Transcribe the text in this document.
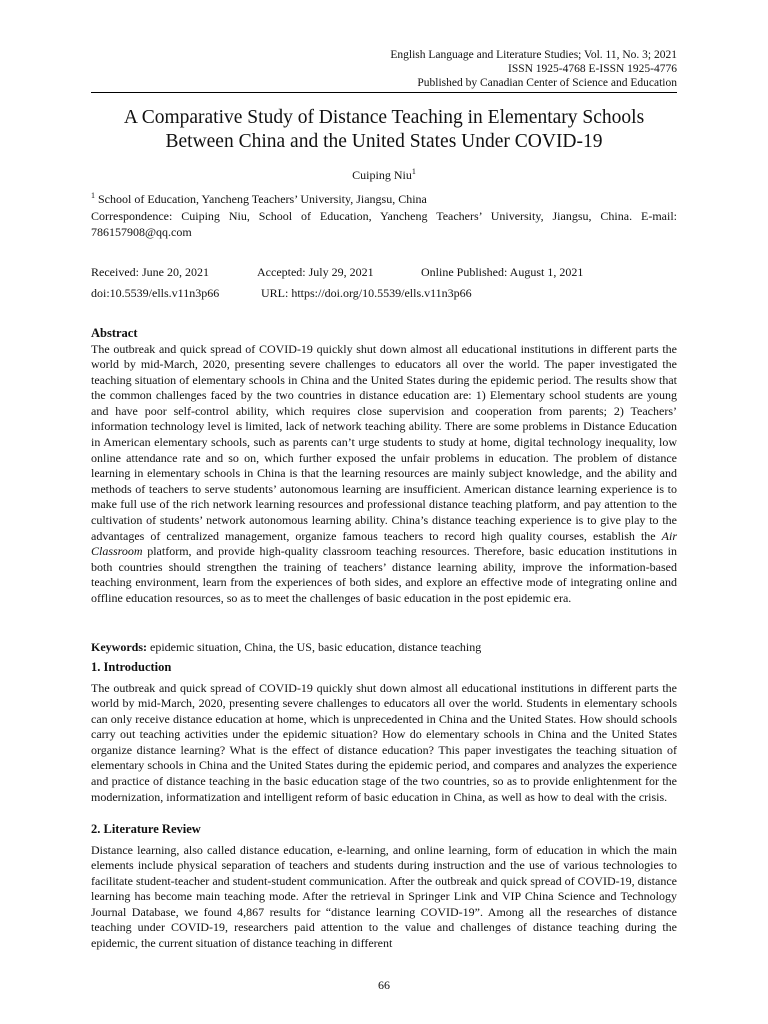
English Language and Literature Studies; Vol. 11, No. 3; 2021
ISSN 1925-4768 E-ISSN 1925-4776
Published by Canadian Center of Science and Education
A Comparative Study of Distance Teaching in Elementary Schools
Between China and the United States Under COVID-19
Cuiping Niu$^1$
$^1$ School of Education, Yancheng Teachers’ University, Jiangsu, China
Correspondence: Cuiping Niu, School of Education, Yancheng Teachers’ University, Jiangsu, China. E-mail: 786157908@qq.com
Received: June 20, 2021	Accepted: July 29, 2021	Online Published: August 1, 2021
doi:10.5539/ells.v11n3p66	URL: https://doi.org/10.5539/ells.v11n3p66
Abstract
The outbreak and quick spread of COVID-19 quickly shut down almost all educational institutions in different parts the world by mid-March, 2020, presenting severe challenges to educators all over the world. The paper investigated the teaching situation of elementary schools in China and the United States during the epidemic period. The results show that the common challenges faced by the two countries in distance education are: 1) Elementary school students are young and have poor self-control ability, which requires close supervision and cooperation from parents; 2) Teachers’ information technology level is limited, lack of network teaching ability. There are some problems in Distance Education in American elementary schools, such as parents can’t urge students to study at home, digital technology inequality, low online attendance rate and so on, which further exposed the unfair problems in education. The problem of distance learning in elementary schools in China is that the learning resources are mainly subject knowledge, and the ability and methods of teachers to serve students’ autonomous learning are insufficient. American distance learning experience is to make full use of the rich network learning resources and professional distance teaching platform, and pay attention to the cultivation of students’ network autonomous learning ability. China’s distance teaching experience is to give play to the advantages of centralized management, organize famous teachers to record high quality courses, establish the Air Classroom platform, and provide high-quality classroom teaching resources. Therefore, basic education institutions in both countries should strengthen the training of teachers’ distance learning ability, improve the information-based teaching environment, learn from the experiences of both sides, and explore an effective mode of integrating online and offline education resources, so as to meet the challenges of basic education in the post epidemic era.
Keywords: epidemic situation, China, the US, basic education, distance teaching
1. Introduction
The outbreak and quick spread of COVID-19 quickly shut down almost all educational institutions in different parts the world by mid-March, 2020, presenting severe challenges to educators all over the world. Students in elementary schools can only receive distance education at home, which is unprecedented in China and the United States. How should schools carry out teaching activities under the epidemic situation? How do elementary schools in China and the United States organize distance learning? What is the effect of distance education? This paper investigates the teaching situation of elementary schools in China and the United States during the epidemic period, and compares and analyzes the experience and practice of distance teaching in the basic education stage of the two countries, so as to provide enlightenment for the modernization, informatization and intelligent reform of basic education in China, as well as how to deal with the crisis.
2. Literature Review
Distance learning, also called distance education, e-learning, and online learning, form of education in which the main elements include physical separation of teachers and students during instruction and the use of various technologies to facilitate student-teacher and student-student communication. After the outbreak and quick spread of COVID-19, distance learning has become main teaching mode. After the retrieval in Springer Link and VIP China Science and Technology Journal Database, we found 4,867 results for “distance learning COVID-19”. Among all the researches of distance teaching under COVID-19, researchers paid attention to the value and challenges of distance teaching during the epidemic, the current situation of distance teaching in different
66
